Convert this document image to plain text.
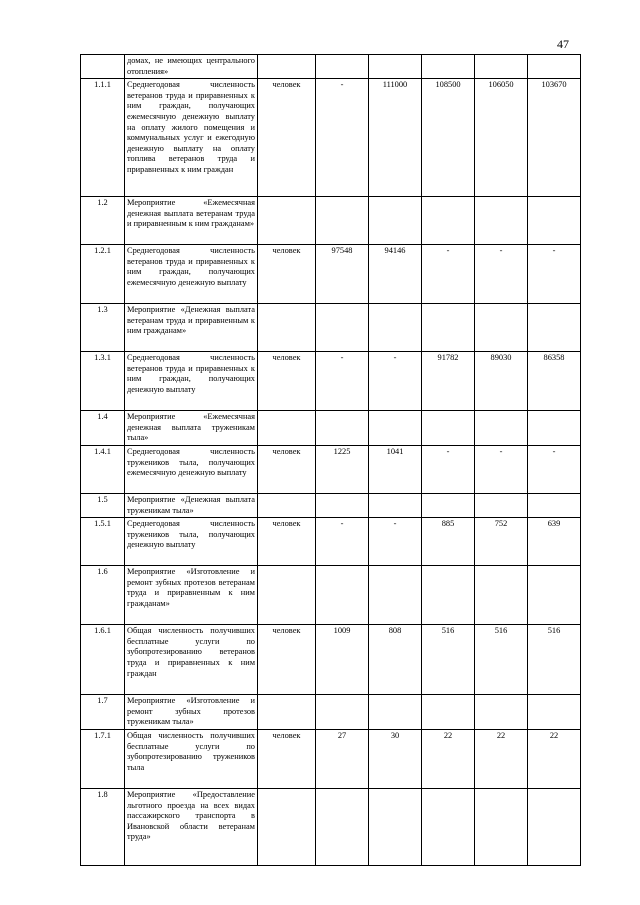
47
	домах, не имеющих центрального отопления»						
1.1.1	Среднегодовая численность ветеранов труда и приравненных к ним граждан, получающих ежемесячную денежную выплату на оплату жилого помещения и коммунальных услуг и ежегодную денежную выплату на оплату топлива ветеранов труда и приравненных к ним граждан	человек	-	111000	108500	106050	103670
1.2	Мероприятие «Ежемесячная денежная выплата ветеранам труда и приравненным к ним гражданам»						
1.2.1	Среднегодовая численность ветеранов труда и приравненных к ним граждан, получающих ежемесячную денежную выплату	человек	97548	94146	-	-	-
1.3	Мероприятие «Денежная выплата ветеранам труда и приравненным к ним гражданам»						
1.3.1	Среднегодовая численность ветеранов труда и приравненных к ним граждан, получающих денежную выплату	человек	-	-	91782	89030	86358
1.4	Мероприятие «Ежемесячная денежная выплата труженикам тыла»						
1.4.1	Среднегодовая численность тружеников тыла, получающих ежемесячную денежную выплату	человек	1225	1041	-	-	-
1.5	Мероприятие «Денежная выплата труженикам тыла»						
1.5.1	Среднегодовая численность тружеников тыла, получающих денежную выплату	человек	-	-	885	752	639
1.6	Мероприятие «Изготовление и ремонт зубных протезов ветеранам труда и приравненным к ним гражданам»						
1.6.1	Общая численность получивших бесплатные услуги по зубопротезированию ветеранов труда и приравненных к ним граждан	человек	1009	808	516	516	516
1.7	Мероприятие «Изготовление и ремонт зубных протезов труженикам тыла»						
1.7.1	Общая численность получивших бесплатные услуги по зубопротезированию тружеников тыла	человек	27	30	22	22	22
1.8	Мероприятие «Предоставление льготного проезда на всех видах пассажирского транспорта в Ивановской области ветеранам труда»						
